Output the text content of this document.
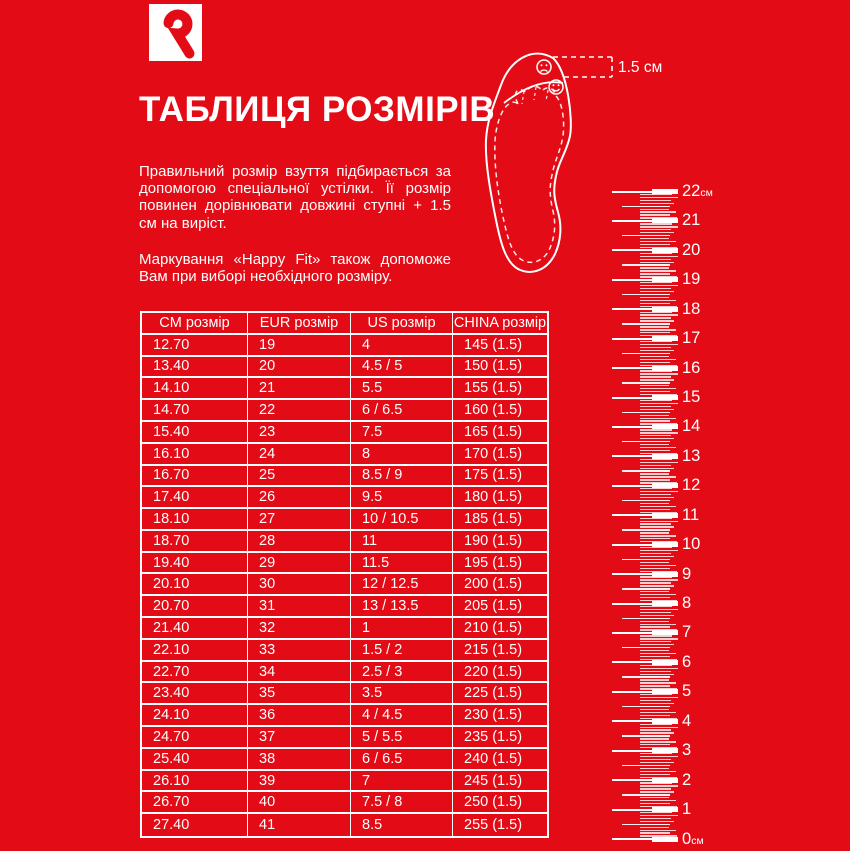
ТАБЛИЦЯ РОЗМІРІВ

Правильний розмір взуття підбирається за допомогою спеціальної устілки. Її розмір повинен дорівнювати довжині ступні + 1.5 см на виріст.

Маркування «Happy Fit» також допоможе Вам при виборі необхідного розміру.

1.5 см
CM розмір	EUR розмір	US розмір	CHINA розмір
12.70	19	4	145 (1.5)
13.40	20	4.5 / 5	150 (1.5)
14.10	21	5.5	155 (1.5)
14.70	22	6 / 6.5	160 (1.5)
15.40	23	7.5	165 (1.5)
16.10	24	8	170 (1.5)
16.70	25	8.5 / 9	175 (1.5)
17.40	26	9.5	180 (1.5)
18.10	27	10 / 10.5	185 (1.5)
18.70	28	11	190 (1.5)
19.40	29	11.5	195 (1.5)
20.10	30	12 / 12.5	200 (1.5)
20.70	31	13 / 13.5	205 (1.5)
21.40	32	1	210 (1.5)
22.10	33	1.5 / 2	215 (1.5)
22.70	34	2.5 / 3	220 (1.5)
23.40	35	3.5	225 (1.5)
24.10	36	4 / 4.5	230 (1.5)
24.70	37	5 / 5.5	235 (1.5)
25.40	38	6 / 6.5	240 (1.5)
26.10	39	7	245 (1.5)
26.70	40	7.5 / 8	250 (1.5)
27.40	41	8.5	255 (1.5)
0см
1
2
3
4
5
6
7
8
9
10
11
12
13
14
15
16
17
18
19
20
21
22см
